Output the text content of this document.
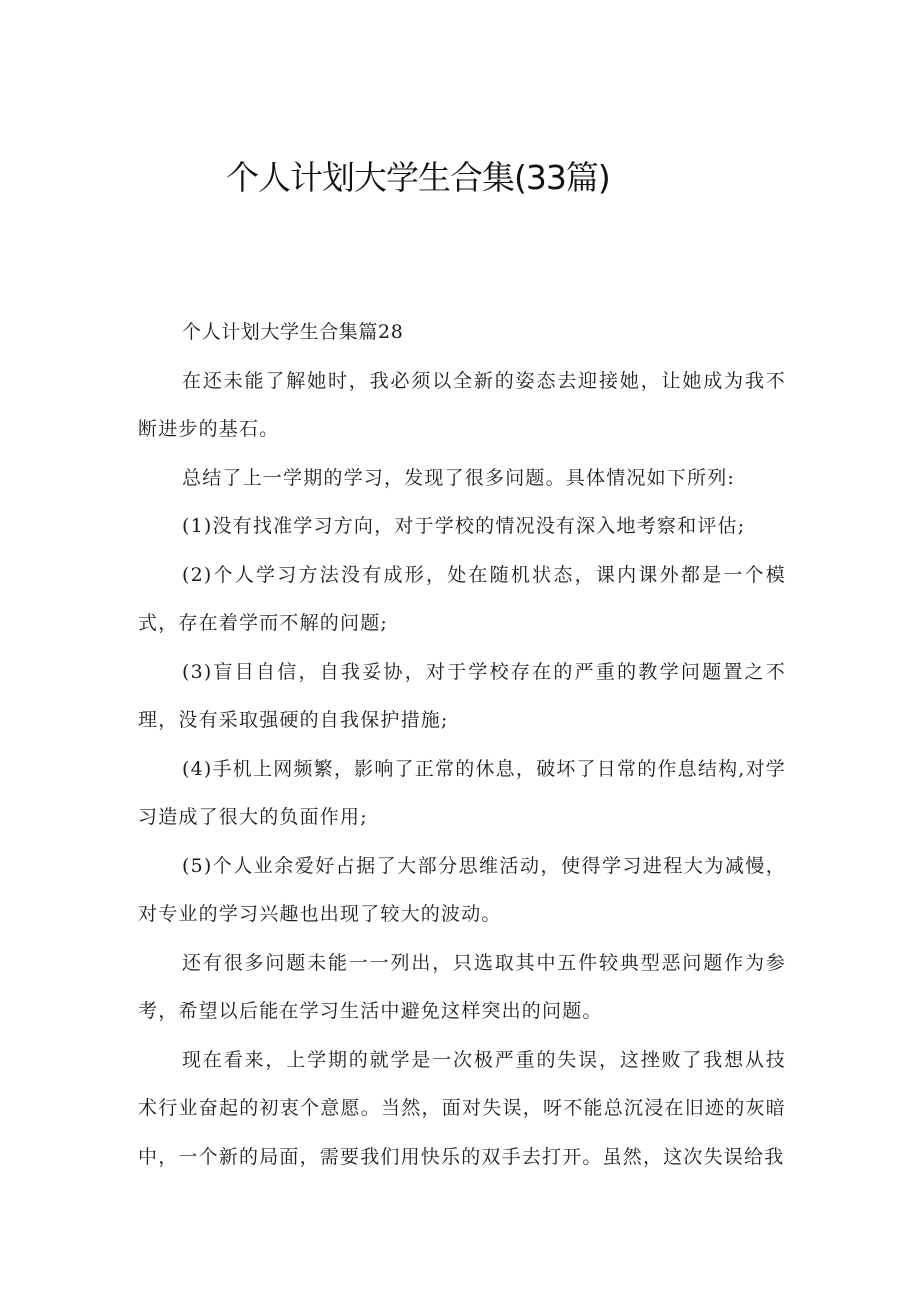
个人计划大学生合集(33篇)

个人计划大学生合集篇28

在还未能了解她时，我必须以全新的姿态去迎接她，让她成为我不断进步的基石。

总结了上一学期的学习，发现了很多问题。具体情况如下所列:

(1)没有找准学习方向，对于学校的情况没有深入地考察和评估;

(2)个人学习方法没有成形，处在随机状态，课内课外都是一个模式，存在着学而不解的问题;

(3)盲目自信，自我妥协，对于学校存在的严重的教学问题置之不理，没有采取强硬的自我保护措施;

(4)手机上网频繁，影响了正常的休息，破坏了日常的作息结构,对学习造成了很大的负面作用;

(5)个人业余爱好占据了大部分思维活动，使得学习进程大为减慢，对专业的学习兴趣也出现了较大的波动。

还有很多问题未能一一列出，只选取其中五件较典型恶问题作为参考，希望以后能在学习生活中避免这样突出的问题。

现在看来，上学期的就学是一次极严重的失误，这挫败了我想从技术行业奋起的初衷个意愿。当然，面对失误，呀不能总沉浸在旧迹的灰暗中，一个新的局面，需要我们用快乐的双手去打开。虽然，这次失误给我
